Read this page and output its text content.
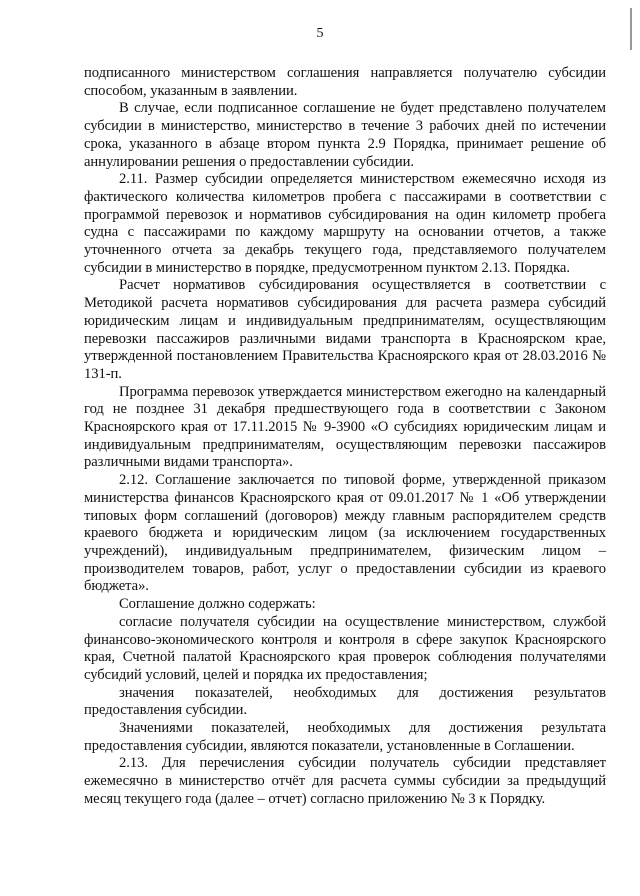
5

подписанного министерством соглашения направляется получателю субсидии способом, указанным в заявлении.

В случае, если подписанное соглашение не будет представлено получателем субсидии в министерство, министерство в течение 3 рабочих дней по истечении срока, указанного в абзаце втором пункта 2.9 Порядка, принимает решение об аннулировании решения о предоставлении субсидии.

2.11. Размер субсидии определяется министерством ежемесячно исходя из фактического количества километров пробега с пассажирами в соответствии с программой перевозок и нормативов субсидирования на один километр пробега судна с пассажирами по каждому маршруту на основании отчетов, а также уточненного отчета за декабрь текущего года, представляемого получателем субсидии в министерство в порядке, предусмотренном пунктом 2.13. Порядка.

Расчет нормативов субсидирования осуществляется в соответствии с Методикой расчета нормативов субсидирования для расчета размера субсидий юридическим лицам и индивидуальным предпринимателям, осуществляющим перевозки пассажиров различными видами транспорта в Красноярском крае, утвержденной постановлением Правительства Красноярского края от 28.03.2016 № 131-п.

Программа перевозок утверждается министерством ежегодно на календарный год не позднее 31 декабря предшествующего года в соответствии с Законом Красноярского края от 17.11.2015 № 9-3900 «О субсидиях юридическим лицам и индивидуальным предпринимателям, осуществляющим перевозки пассажиров различными видами транспорта».

2.12. Соглашение заключается по типовой форме, утвержденной приказом министерства финансов Красноярского края от 09.01.2017 № 1 «Об утверждении типовых форм соглашений (договоров) между главным распорядителем средств краевого бюджета и юридическим лицом (за исключением государственных учреждений), индивидуальным предпринимателем, физическим лицом – производителем товаров, работ, услуг о предоставлении субсидии из краевого бюджета».

Соглашение должно содержать:

согласие получателя субсидии на осуществление министерством, службой финансово-экономического контроля и контроля в сфере закупок Красноярского края, Счетной палатой Красноярского края проверок соблюдения получателями субсидий условий, целей и порядка их предоставления;

значения показателей, необходимых для достижения результатов предоставления субсидии.

Значениями показателей, необходимых для достижения результата предоставления субсидии, являются показатели, установленные в Соглашении.

2.13. Для перечисления субсидии получатель субсидии представляет ежемесячно в министерство отчёт для расчета суммы субсидии за предыдущий месяц текущего года (далее – отчет) согласно приложению № 3 к Порядку.
